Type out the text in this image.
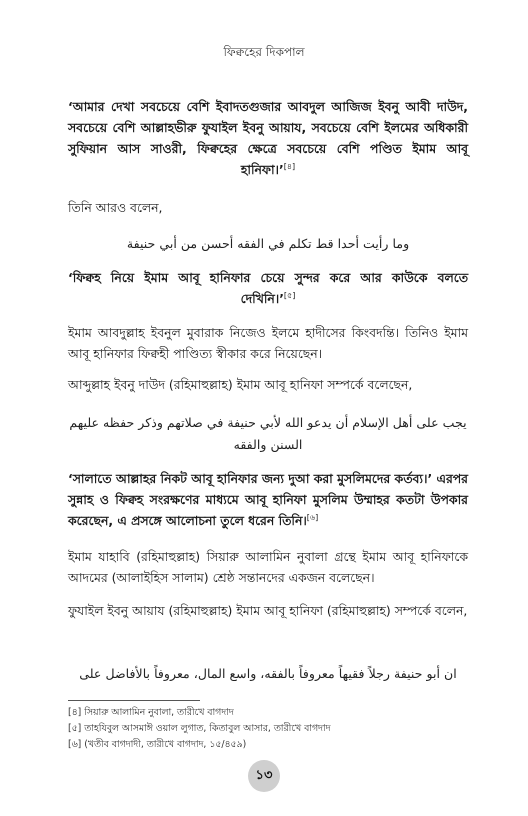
ফিক্বহের দিকপাল
‘আমার দেখা সবচেয়ে বেশি ইবাদতগুজার আবদুল আজিজ ইবনু আবী দাউদ, সবচেয়ে বেশি আল্লাহভীরু ফুযাইল ইবনু আয়ায, সবচেয়ে বেশি ইলমের অধিকারী সুফিয়ান আস সাওরী, ফিক্বহের ক্ষেত্রে সবচেয়ে বেশি পণ্ডিত ইমাম আবূ হানিফা।’[৪]
তিনি আরও বলেন,
وما رأيت أحدا قط تكلم في الفقه أحسن من أبي حنيفة
‘ফিক্বহ নিয়ে ইমাম আবূ হানিফার চেয়ে সুন্দর করে আর কাউকে বলতে দেখিনি।’[৫]
ইমাম আবদুল্লাহ ইবনুল মুবারাক নিজেও ইলমে হাদীসের কিংবদন্তি। তিনিও ইমাম আবূ হানিফার ফিক্বহী পাণ্ডিত্য স্বীকার করে নিয়েছেন।
আব্দুল্লাহ ইবনু দাউদ (রহিমাহুল্লাহ) ইমাম আবূ হানিফা সম্পর্কে বলেছেন,
يجب على أهل الإسلام أن يدعو الله لأبي حنيفة في صلاتهم وذكر حفظه عليهم السنن والفقه
‘সালাতে আল্লাহর নিকট আবূ হানিফার জন্য দুআ করা মুসলিমদের কর্তব্য।’ এরপর সুন্নাহ ও ফিক্বহ সংরক্ষণের মাধ্যমে আবূ হানিফা মুসলিম উম্মাহর কতটা উপকার করেছেন, এ প্রসঙ্গে আলোচনা তুলে ধরেন তিনি।[৬]
ইমাম যাহাবি (রহিমাহুল্লাহ) সিয়ারু আলামিন নুবালা গ্রন্থে ইমাম আবূ হানিফাকে আদমের (আলাইহিস সালাম) শ্রেষ্ঠ সন্তানদের একজন বলেছেন।
ফুযাইল ইবনু আয়ায (রহিমাহুল্লাহ) ইমাম আবূ হানিফা (রহিমাহুল্লাহ) সম্পর্কে বলেন,
ان أبو حنيفة رجلاً فقيهاً معروفاً بالفقه، واسع المال، معروفاً بالأفاضل على
[৪] সিয়ারু আলামিন নুবালা, তারীখে বাগদাদ
[৫] তাহযিবুল আসমাঈ ওয়াল লুগাত, কিতাবুল আসার, তারীখে বাগদাদ
[৬] (খতীব বাগদাদী, তারীখে বাগদাদ, ১৫/৪৫৯)
১৩
